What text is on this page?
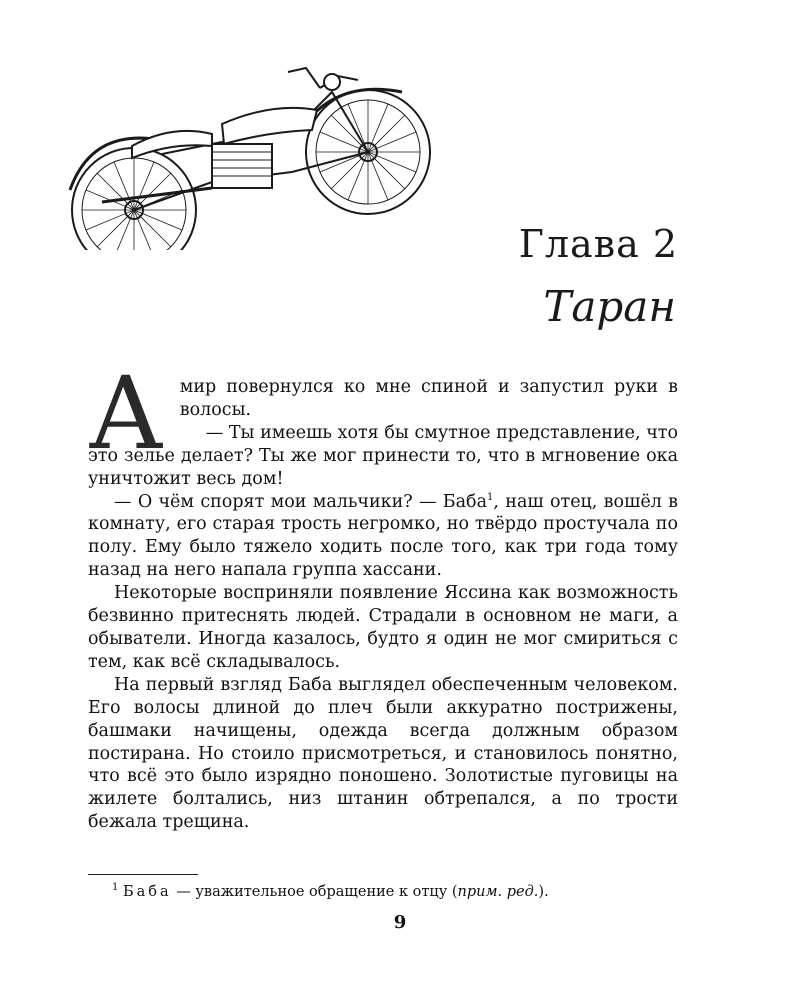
Глава 2
Таран

Амир повернулся ко мне спиной и запустил руки в волосы.

— Ты имеешь хотя бы смутное представление, что это зелье делает? Ты же мог принести то, что в мгновение ока уничтожит весь дом!

— О чём спорят мои мальчики? — Баба$^1$, наш отец, вошёл в комнату, его старая трость негромко, но твёрдо простучала по полу. Ему было тяжело ходить после того, как три года тому назад на него напала группа хассани.

Некоторые восприняли появление Яссина как возможность безвинно притеснять людей. Страдали в основном не маги, а обыватели. Иногда казалось, будто я один не мог смириться с тем, как всё складывалось.

На первый взгляд Баба выглядел обеспеченным человеком. Его волосы длиной до плеч были аккуратно пострижены, башмаки начищены, одежда всегда должным образом постирана. Но стоило присмотреться, и становилось понятно, что всё это было изрядно поношено. Золотистые пуговицы на жилете болтались, низ штанин обтрепался, а по трости бежала трещина.

$^1$ Баба — уважительное обращение к отцу (прим. ред.).

9
